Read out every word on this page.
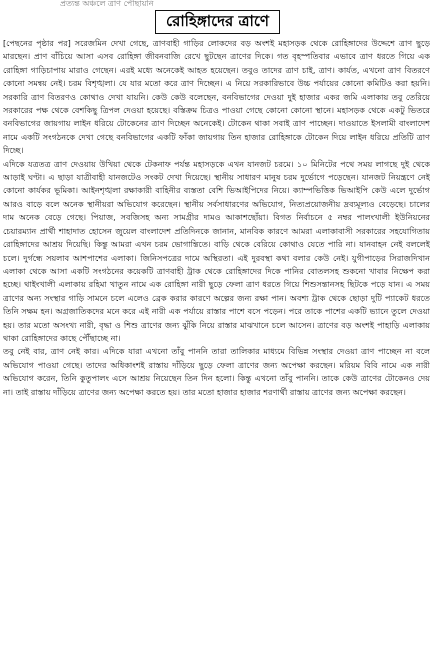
প্রত্যন্ত অঞ্চলে ত্রাণ পৌঁছায়নি
রোহিঙ্গাদের ত্রাণে

[পেছনের পৃষ্ঠার পর] সরেজমিন দেখা গেছে, ত্রাণবাহী গাড়ির লোকদের বড় অংশই মহাসড়ক থেকে রোহিঙ্গাদের উদ্দেশে ত্রাণ ছুড়ে মারছেন। প্রাণ বাঁচিয়ে আসা এসব রোহিঙ্গা জীবনবাজি রেখে ছুটছেন ত্রাণের দিকে। গত বৃহস্পতিবার এভাবে ত্রাণ ধরতে গিয়ে এক রোহিঙ্গা গাড়িচাপায় মারাও গেছেন। এরই মধ্যে অনেকেই আহত হয়েছেন। তবুও তাদের ত্রাণ চাই, ত্রাণ। কার্যত, এখনো ত্রাণ বিতরণে কোনো সমন্বয় নেই। চরম বিশৃঙ্খলা। যে যার মতো করে ত্রাণ দিচ্ছেন। এ নিয়ে সরকারিভাবে উচ্চ পর্যায়ের কোনো কমিটিও করা হয়নি। সরকারি ত্রাণ বিতরণও কোথাও দেখা যায়নি। কেউ কেউ বলেছেন, বনবিভাগের দেওয়া দুই হাজার একর জমি এলাকায় তবু তেরিয়ে সরকারের পক্ষ থেকে বেশকিছু ত্রিপল দেওয়া হয়েছে। বস্তিক্রম চিত্রও পাওয়া গেছে কোনো কোনো স্থানে। মহাসড়ক থেকে একটু ভিতরে বনবিভাগের জায়গায় লাইন ধরিয়ে টোকেনের ত্রাণ দিচ্ছেন অনেকেই। টোকেন থাকা সবাই ত্রাণ পাচ্ছেন। দাওয়াতে ইসলামী বাংলাদেশ নামে একটি সংগঠনকে দেখা গেছে বনবিভাগের একটি ফাঁকা জায়গায় তিন হাজার রোহিঙ্গাকে টোকেন দিয়ে লাইন ধরিয়ে প্রতিটি ত্রাণ দিচ্ছে।

এদিকে যত্রতত্র ত্রাণ দেওয়ায় উখিয়া থেকে টেকনাফ পর্যন্ত মহাসড়কে এখন যানজট চরমে। ১০ মিনিটের পথে সময় লাগছে দুই থেকে আড়াই ঘণ্টা। এ ছাড়া যাত্রীবাহী যানজটেও সংকট দেখা দিয়েছে। স্থানীয় সাধারণ মানুষ চরম দুর্ভোগে পড়েছেন। যানজট নিয়ন্ত্রণে নেই কোনো কার্যকর ভূমিকা। আইনশৃঙ্খলা রক্ষাকারী বাহিনীর ব্যস্ততা বেশি ভিআইপিদের নিয়ে। ক্যাম্পভিত্তিক ভিআইপি কেউ এলে দুর্ভোগ আরও বাড়ে বলে অনেক স্থানীয়রা অভিযোগ করেছেন। স্থানীয় সর্বসাধারণের অভিযোগ, নিত্যপ্রয়োজনীয় দ্রব্যমূল্যও বেড়েছে। চালের দাম অনেক বেড়ে গেছে। পিয়াজ, সবজিসহ অন্য সামগ্রীর দামও আকাশছোঁয়া। বিগত নির্বাচনে ৫ নম্বর পালংখালী ইউনিয়নের চেয়ারম্যান প্রার্থী শাহাদাত হোসেন জুয়েল বাংলাদেশ প্রতিদিনকে জানান, মানবিক কারণে আমরা এলাকাবাসী সরকারের সহযোগিতায় রোহিঙ্গাদের আশ্রয় দিয়েছি। কিন্তু আমরা এখন চরম ভোগান্তিতে। বাড়ি থেকে বেরিয়ে কোথাও যেতে পারি না। যানবাহন নেই বললেই চলে। দুর্গন্ধে সয়লাব আশপাশের এলাকা। জিনিসপত্রের দামে অস্থিরতা। এই দুরবস্থা কথা বলার কেউ নেই। যুগীপাড়ের সিরাজদিখান এলাকা থেকে আসা একটি সংগঠনের কয়েকটি ত্রাণবাহী ট্রাক থেকে রোহিঙ্গাদের দিকে পানির বোতলসহ শুকনো খাবার নিক্ষেপ করা হচ্ছে। থাইংখালী এলাকায় রহিমা খাতুন নামে এক রোহিঙ্গা নারী ছুড়ে ফেলা ত্রাণ ধরতে গিয়ে শিশুসন্তানসহ ছিটকে পড়ে যান। এ সময় ত্রাণের অন্য সংস্থার গাড়ি সামনে চলে এলেও ব্রেক করার কারণে অল্পের জন্য রক্ষা পান। অবশ্য ট্রাক থেকে ছোড়া দুটি প্যাকেট ধরতে তিনি সক্ষম হন। অগ্রজাতিকদের মনে করে এই নারী এক পর্যায়ে রাস্তার পাশে বসে পড়েন। পরে তাকে পাশের একটি ভ্যানে তুলে দেওয়া হয়। তার মতো অসংখ্য নারী, বৃদ্ধা ও শিশু ত্রাণের জন্য ঝুঁকি নিয়ে রাস্তার মাঝখানে চলে আসেন। ত্রাণের বড় অংশই পাহাড়ি এলাকায় থাকা রোহিঙ্গাদের কাছে পৌঁছাচ্ছে না।

তবু নেই বার, ত্রাণ নেই কার। এদিকে যারা এখনো তাঁবু পাননি তারা তালিকার মাধ্যমে বিভিন্ন সংস্থার দেওয়া ত্রাণ পাচ্ছেন না বলে অভিযোগ পাওয়া গেছে। তাদের অধিকাংশই রাস্তায় দাঁড়িয়ে ছুড়ে ফেলা ত্রাণের জন্য অপেক্ষা করছেন। মরিয়ম বিবি নামে এক নারী অভিযোগ করেন, তিনি কুতুপালং এসে আশ্রয় নিয়েছেন তিন দিন হলো। কিন্তু এখনো তাঁবু পাননি। তাকে কেউ ত্রাণের টোকেনও দেয় না। তাই রাস্তায় দাঁড়িয়ে ত্রাণের জন্য অপেক্ষা করতে হয়। তার মতো হাজার হাজার শরণার্থী রাস্তায় ত্রাণের জন্য অপেক্ষা করছেন।
